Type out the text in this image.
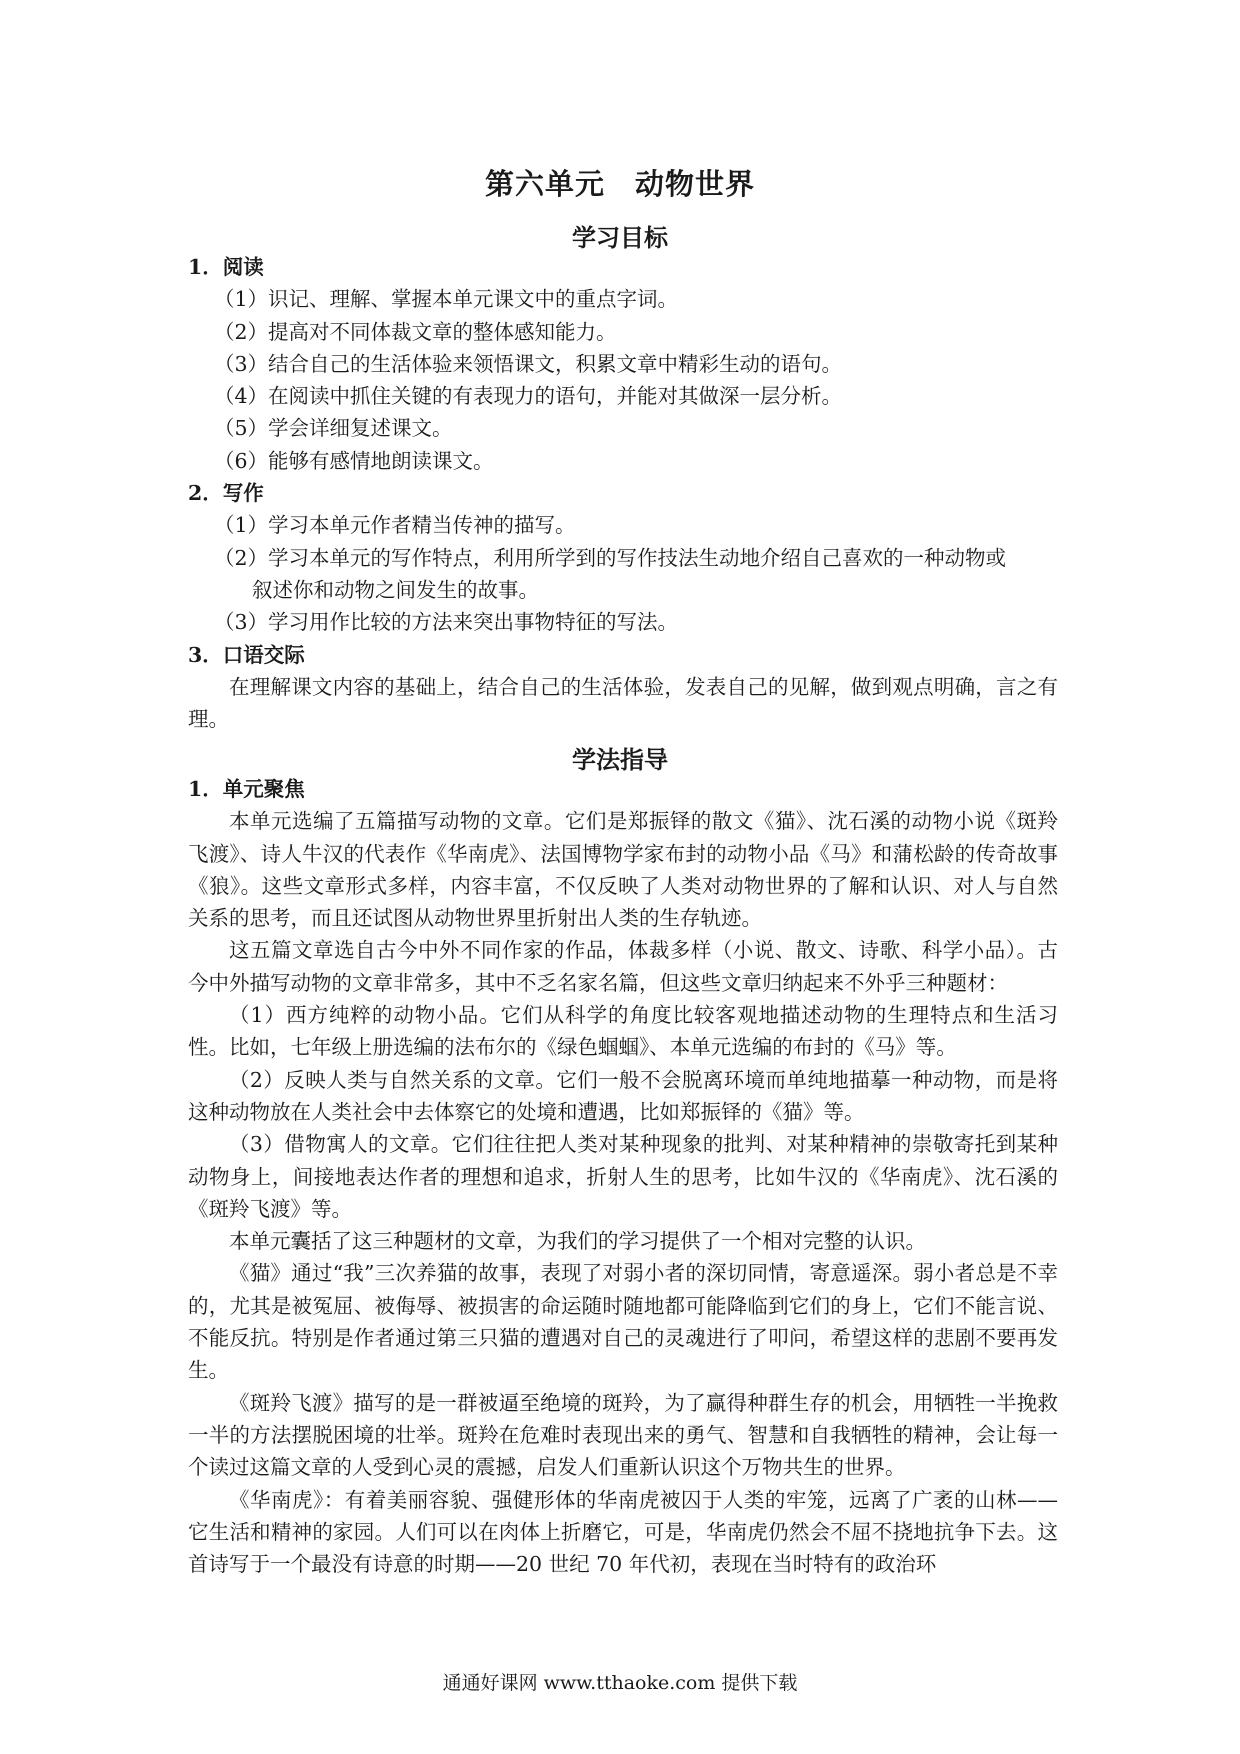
第六单元　动物世界
学习目标
1．阅读
（1）识记、理解、掌握本单元课文中的重点字词。
（2）提高对不同体裁文章的整体感知能力。
（3）结合自己的生活体验来领悟课文，积累文章中精彩生动的语句。
（4）在阅读中抓住关键的有表现力的语句，并能对其做深一层分析。
（5）学会详细复述课文。
（6）能够有感情地朗读课文。
2．写作
（1）学习本单元作者精当传神的描写。
（2）学习本单元的写作特点，利用所学到的写作技法生动地介绍自己喜欢的一种动物或
叙述你和动物之间发生的故事。
（3）学习用作比较的方法来突出事物特征的写法。
3．口语交际
在理解课文内容的基础上，结合自己的生活体验，发表自己的见解，做到观点明确，言之有理。
学法指导
1．单元聚焦
本单元选编了五篇描写动物的文章。它们是郑振铎的散文《猫》、沈石溪的动物小说《斑羚飞渡》、诗人牛汉的代表作《华南虎》、法国博物学家布封的动物小品《马》和蒲松龄的传奇故事《狼》。这些文章形式多样，内容丰富，不仅反映了人类对动物世界的了解和认识、对人与自然关系的思考，而且还试图从动物世界里折射出人类的生存轨迹。
这五篇文章选自古今中外不同作家的作品，体裁多样（小说、散文、诗歌、科学小品）。古今中外描写动物的文章非常多，其中不乏名家名篇，但这些文章归纳起来不外乎三种题材：
（1）西方纯粹的动物小品。它们从科学的角度比较客观地描述动物的生理特点和生活习性。比如，七年级上册选编的法布尔的《绿色蝈蝈》、本单元选编的布封的《马》等。
（2）反映人类与自然关系的文章。它们一般不会脱离环境而单纯地描摹一种动物，而是将这种动物放在人类社会中去体察它的处境和遭遇，比如郑振铎的《猫》等。
（3）借物寓人的文章。它们往往把人类对某种现象的批判、对某种精神的崇敬寄托到某种动物身上，间接地表达作者的理想和追求，折射人生的思考，比如牛汉的《华南虎》、沈石溪的《斑羚飞渡》等。
本单元囊括了这三种题材的文章，为我们的学习提供了一个相对完整的认识。
《猫》通过“我”三次养猫的故事，表现了对弱小者的深切同情，寄意遥深。弱小者总是不幸的，尤其是被冤屈、被侮辱、被损害的命运随时随地都可能降临到它们的身上，它们不能言说、不能反抗。特别是作者通过第三只猫的遭遇对自己的灵魂进行了叩问，希望这样的悲剧不要再发生。
《斑羚飞渡》描写的是一群被逼至绝境的斑羚，为了赢得种群生存的机会，用牺牲一半挽救一半的方法摆脱困境的壮举。斑羚在危难时表现出来的勇气、智慧和自我牺牲的精神，会让每一个读过这篇文章的人受到心灵的震撼，启发人们重新认识这个万物共生的世界。
《华南虎》：有着美丽容貌、强健形体的华南虎被囚于人类的牢笼，远离了广袤的山林——它生活和精神的家园。人们可以在肉体上折磨它，可是，华南虎仍然会不屈不挠地抗争下去。这首诗写于一个最没有诗意的时期——20 世纪 70 年代初，表现在当时特有的政治环
通通好课网 www.tthaoke.com 提供下载
